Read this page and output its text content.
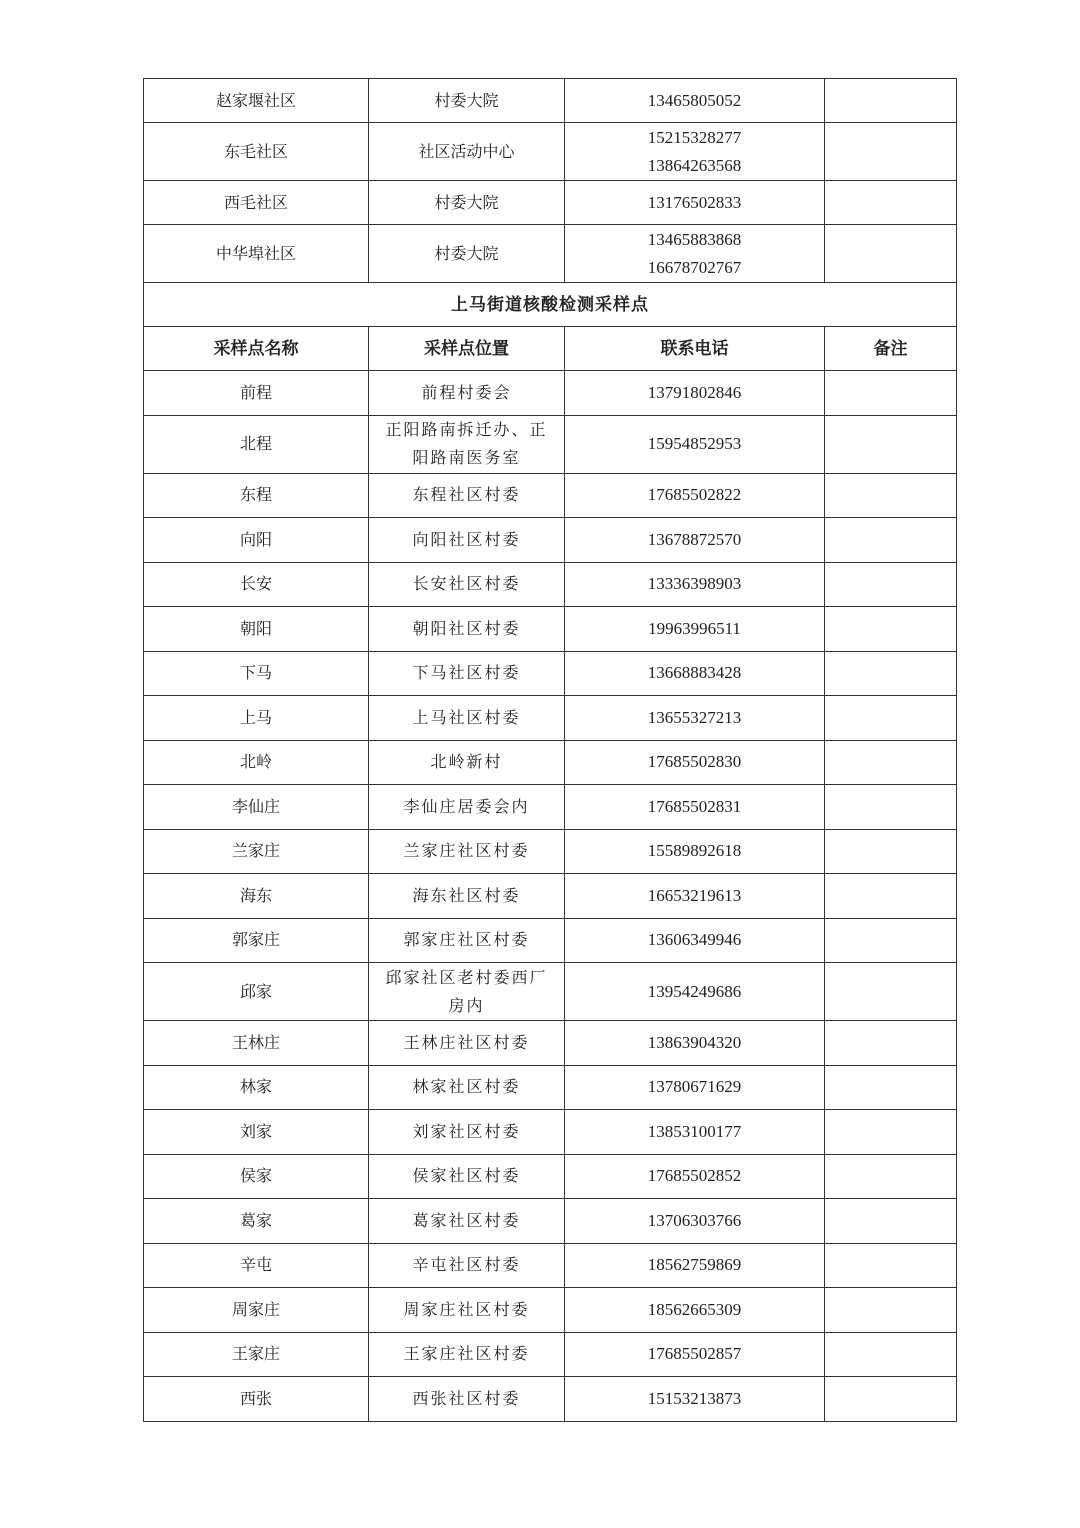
赵家堰社区	村委大院	13465805052	

东毛社区	社区活动中心	15215328277
13864263568	

西毛社区	村委大院	13176502833	

中华埠社区	村委大院	13465883868
16678702767	

上马街道核酸检测采样点			
采样点名称	采样点位置	联系电话	备注
前程	前程村委会	13791802846	
北程	正阳路南拆迁办、正阳路南医务室	15954852953	
东程	东程社区村委	17685502822	
向阳	向阳社区村委	13678872570	
长安	长安社区村委	13336398903	
朝阳	朝阳社区村委	19963996511	
下马	下马社区村委	13668883428	
上马	上马社区村委	13655327213	
北岭	北岭新村	17685502830	
李仙庄	李仙庄居委会内	17685502831	
兰家庄	兰家庄社区村委	15589892618	
海东	海东社区村委	16653219613	
郭家庄	郭家庄社区村委	13606349946	
邱家	邱家社区老村委西厂房内	13954249686	
王林庄	王林庄社区村委	13863904320	
林家	林家社区村委	13780671629	
刘家	刘家社区村委	13853100177	
侯家	侯家社区村委	17685502852	
葛家	葛家社区村委	13706303766	
辛屯	辛屯社区村委	18562759869	
周家庄	周家庄社区村委	18562665309	
王家庄	王家庄社区村委	17685502857	
西张	西张社区村委	15153213873	
